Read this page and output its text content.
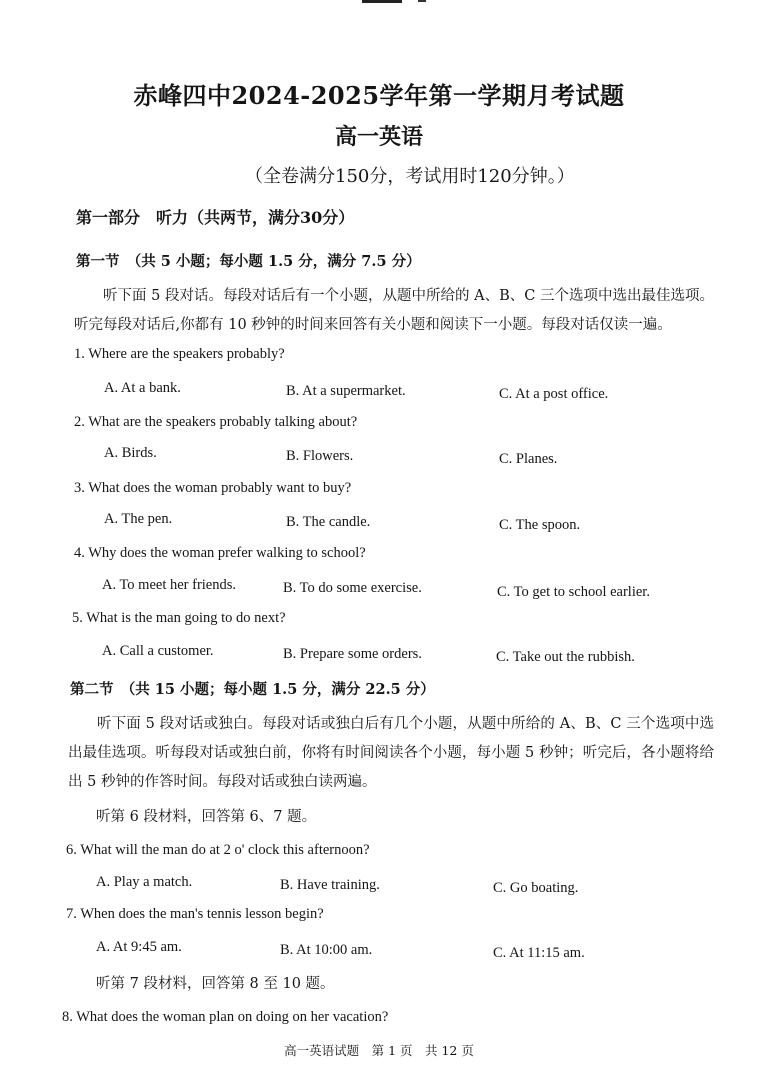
赤峰四中2024-2025学年第一学期月考试题
高一英语
（全卷满分150分，考试用时120分钟。）
第一部分　听力（共两节，满分30分）
第一节　（共 5 小题；每小题 1.5 分，满分 7.5 分）
听下面 5 段对话。每段对话后有一个小题，从题中所给的 A、B、C 三个选项中选出最佳选项。听完每段对话后,你都有 10 秒钟的时间来回答有关小题和阅读下一小题。每段对话仅读一遍。
1. Where are the speakers probably?
A. At a bank.	B. At a supermarket.	C. At a post office.
2. What are the speakers probably talking about?
A. Birds.	B. Flowers.	C. Planes.
3. What does the woman probably want to buy?
A. The pen.	B. The candle.	C. The spoon.
4. Why does the woman prefer walking to school?
A. To meet her friends.	B. To do some exercise.	C. To get to school earlier.
5. What is the man going to do next?
A. Call a customer.	B. Prepare some orders.	C. Take out the rubbish.
第二节　（共 15 小题；每小题 1.5 分，满分 22.5 分）
听下面 5 段对话或独白。每段对话或独白后有几个小题，从题中所给的 A、B、C 三个选项中选出最佳选项。听每段对话或独白前，你将有时间阅读各个小题，每小题 5 秒钟；听完后，各小题将给出 5 秒钟的作答时间。每段对话或独白读两遍。
听第 6 段材料，回答第 6、7 题。
6. What will the man do at 2 o' clock this afternoon?
A. Play a match.	B. Have training.	C. Go boating.
7. When does the man's tennis lesson begin?
A. At 9:45 am.	B. At 10:00 am.	C. At 11:15 am.
听第 7 段材料，回答第 8 至 10 题。
8. What does the woman plan on doing on her vacation?
高一英语试题　第 1 页　共 12 页
